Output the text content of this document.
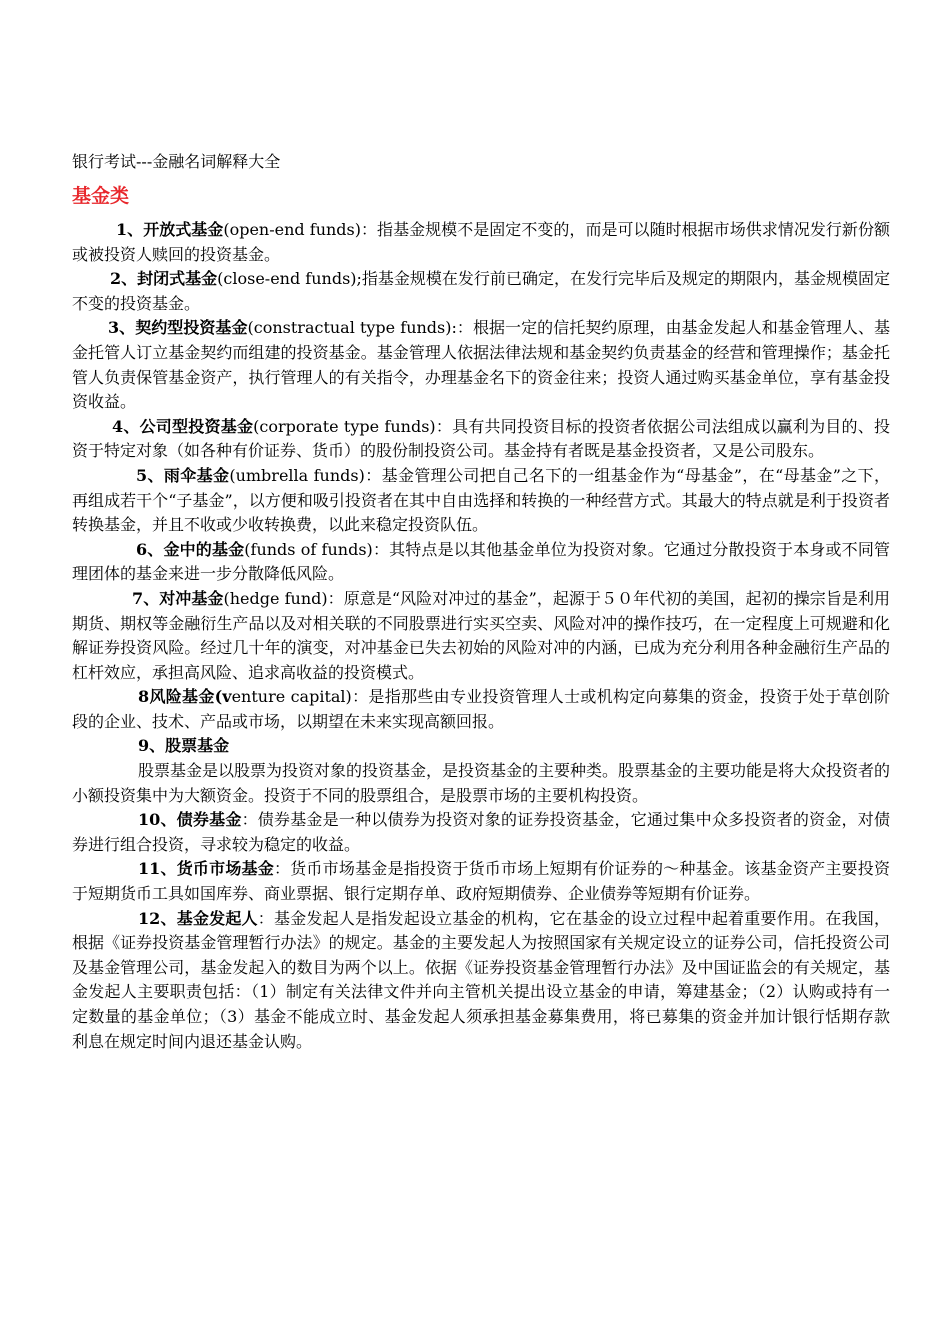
银行考试---金融名词解释大全
基金类

1、开放式基金(open-end funds)：指基金规模不是固定不变的，而是可以随时根据市场供求情况发行新份额或被投资人赎回的投资基金。

2、封闭式基金(close-end funds);指基金规模在发行前已确定，在发行完毕后及规定的期限内，基金规模固定不变的投资基金。

3、契约型投资基金(constractual type funds):：根据一定的信托契约原理，由基金发起人和基金管理人、基金托管人订立基金契约而组建的投资基金。基金管理人依据法律法规和基金契约负责基金的经营和管理操作；基金托管人负责保管基金资产，执行管理人的有关指令，办理基金名下的资金往来；投资人通过购买基金单位，享有基金投资收益。

4、公司型投资基金(corporate type funds)：具有共同投资目标的投资者依据公司法组成以赢利为目的、投资于特定对象（如各种有价证券、货币）的股份制投资公司。基金持有者既是基金投资者，又是公司股东。

5、雨伞基金(umbrella funds)：基金管理公司把自己名下的一组基金作为“母基金”，在“母基金”之下，再组成若干个“子基金”，以方便和吸引投资者在其中自由选择和转换的一种经营方式。其最大的特点就是利于投资者转换基金，并且不收或少收转换费，以此来稳定投资队伍。

6、金中的基金(funds of funds)：其特点是以其他基金单位为投资对象。它通过分散投资于本身或不同管理团体的基金来进一步分散降低风险。

7、对冲基金(hedge fund)：原意是“风险对冲过的基金”，起源于５０年代初的美国，起初的操宗旨是利用期货、期权等金融衍生产品以及对相关联的不同股票进行实买空卖、风险对冲的操作技巧，在一定程度上可规避和化解证券投资风险。经过几十年的演变，对冲基金已失去初始的风险对冲的内涵，已成为充分利用各种金融衍生产品的杠杆效应，承担高风险、追求高收益的投资模式。

8风险基金(venture capital)：是指那些由专业投资管理人士或机构定向募集的资金，投资于处于草创阶段的企业、技术、产品或市场，以期望在未来实现高额回报。

9、股票基金

股票基金是以股票为投资对象的投资基金，是投资基金的主要种类。股票基金的主要功能是将大众投资者的小额投资集中为大额资金。投资于不同的股票组合，是股票市场的主要机构投资。

10、债券基金：债券基金是一种以债券为投资对象的证券投资基金，它通过集中众多投资者的资金，对债券进行组合投资，寻求较为稳定的收益。

11、货币市场基金：货币市场基金是指投资于货币市场上短期有价证券的～种基金。该基金资产主要投资于短期货币工具如国库券、商业票据、银行定期存单、政府短期债券、企业债券等短期有价证券。

12、基金发起人：基金发起人是指发起设立基金的机构，它在基金的设立过程中起着重要作用。在我国，根据《证券投资基金管理暂行办法》的规定。基金的主要发起人为按照国家有关规定设立的证券公司，信托投资公司及基金管理公司，基金发起入的数目为两个以上。依据《证券投资基金管理暂行办法》及中国证监会的有关规定，基金发起人主要职责包括：（1）制定有关法律文件并向主管机关提出设立基金的申请，筹建基金；（2）认购或持有一定数量的基金单位；（3）基金不能成立时、基金发起人须承担基金募集费用，将已募集的资金并加计银行恬期存款利息在规定时间内退还基金认购。
